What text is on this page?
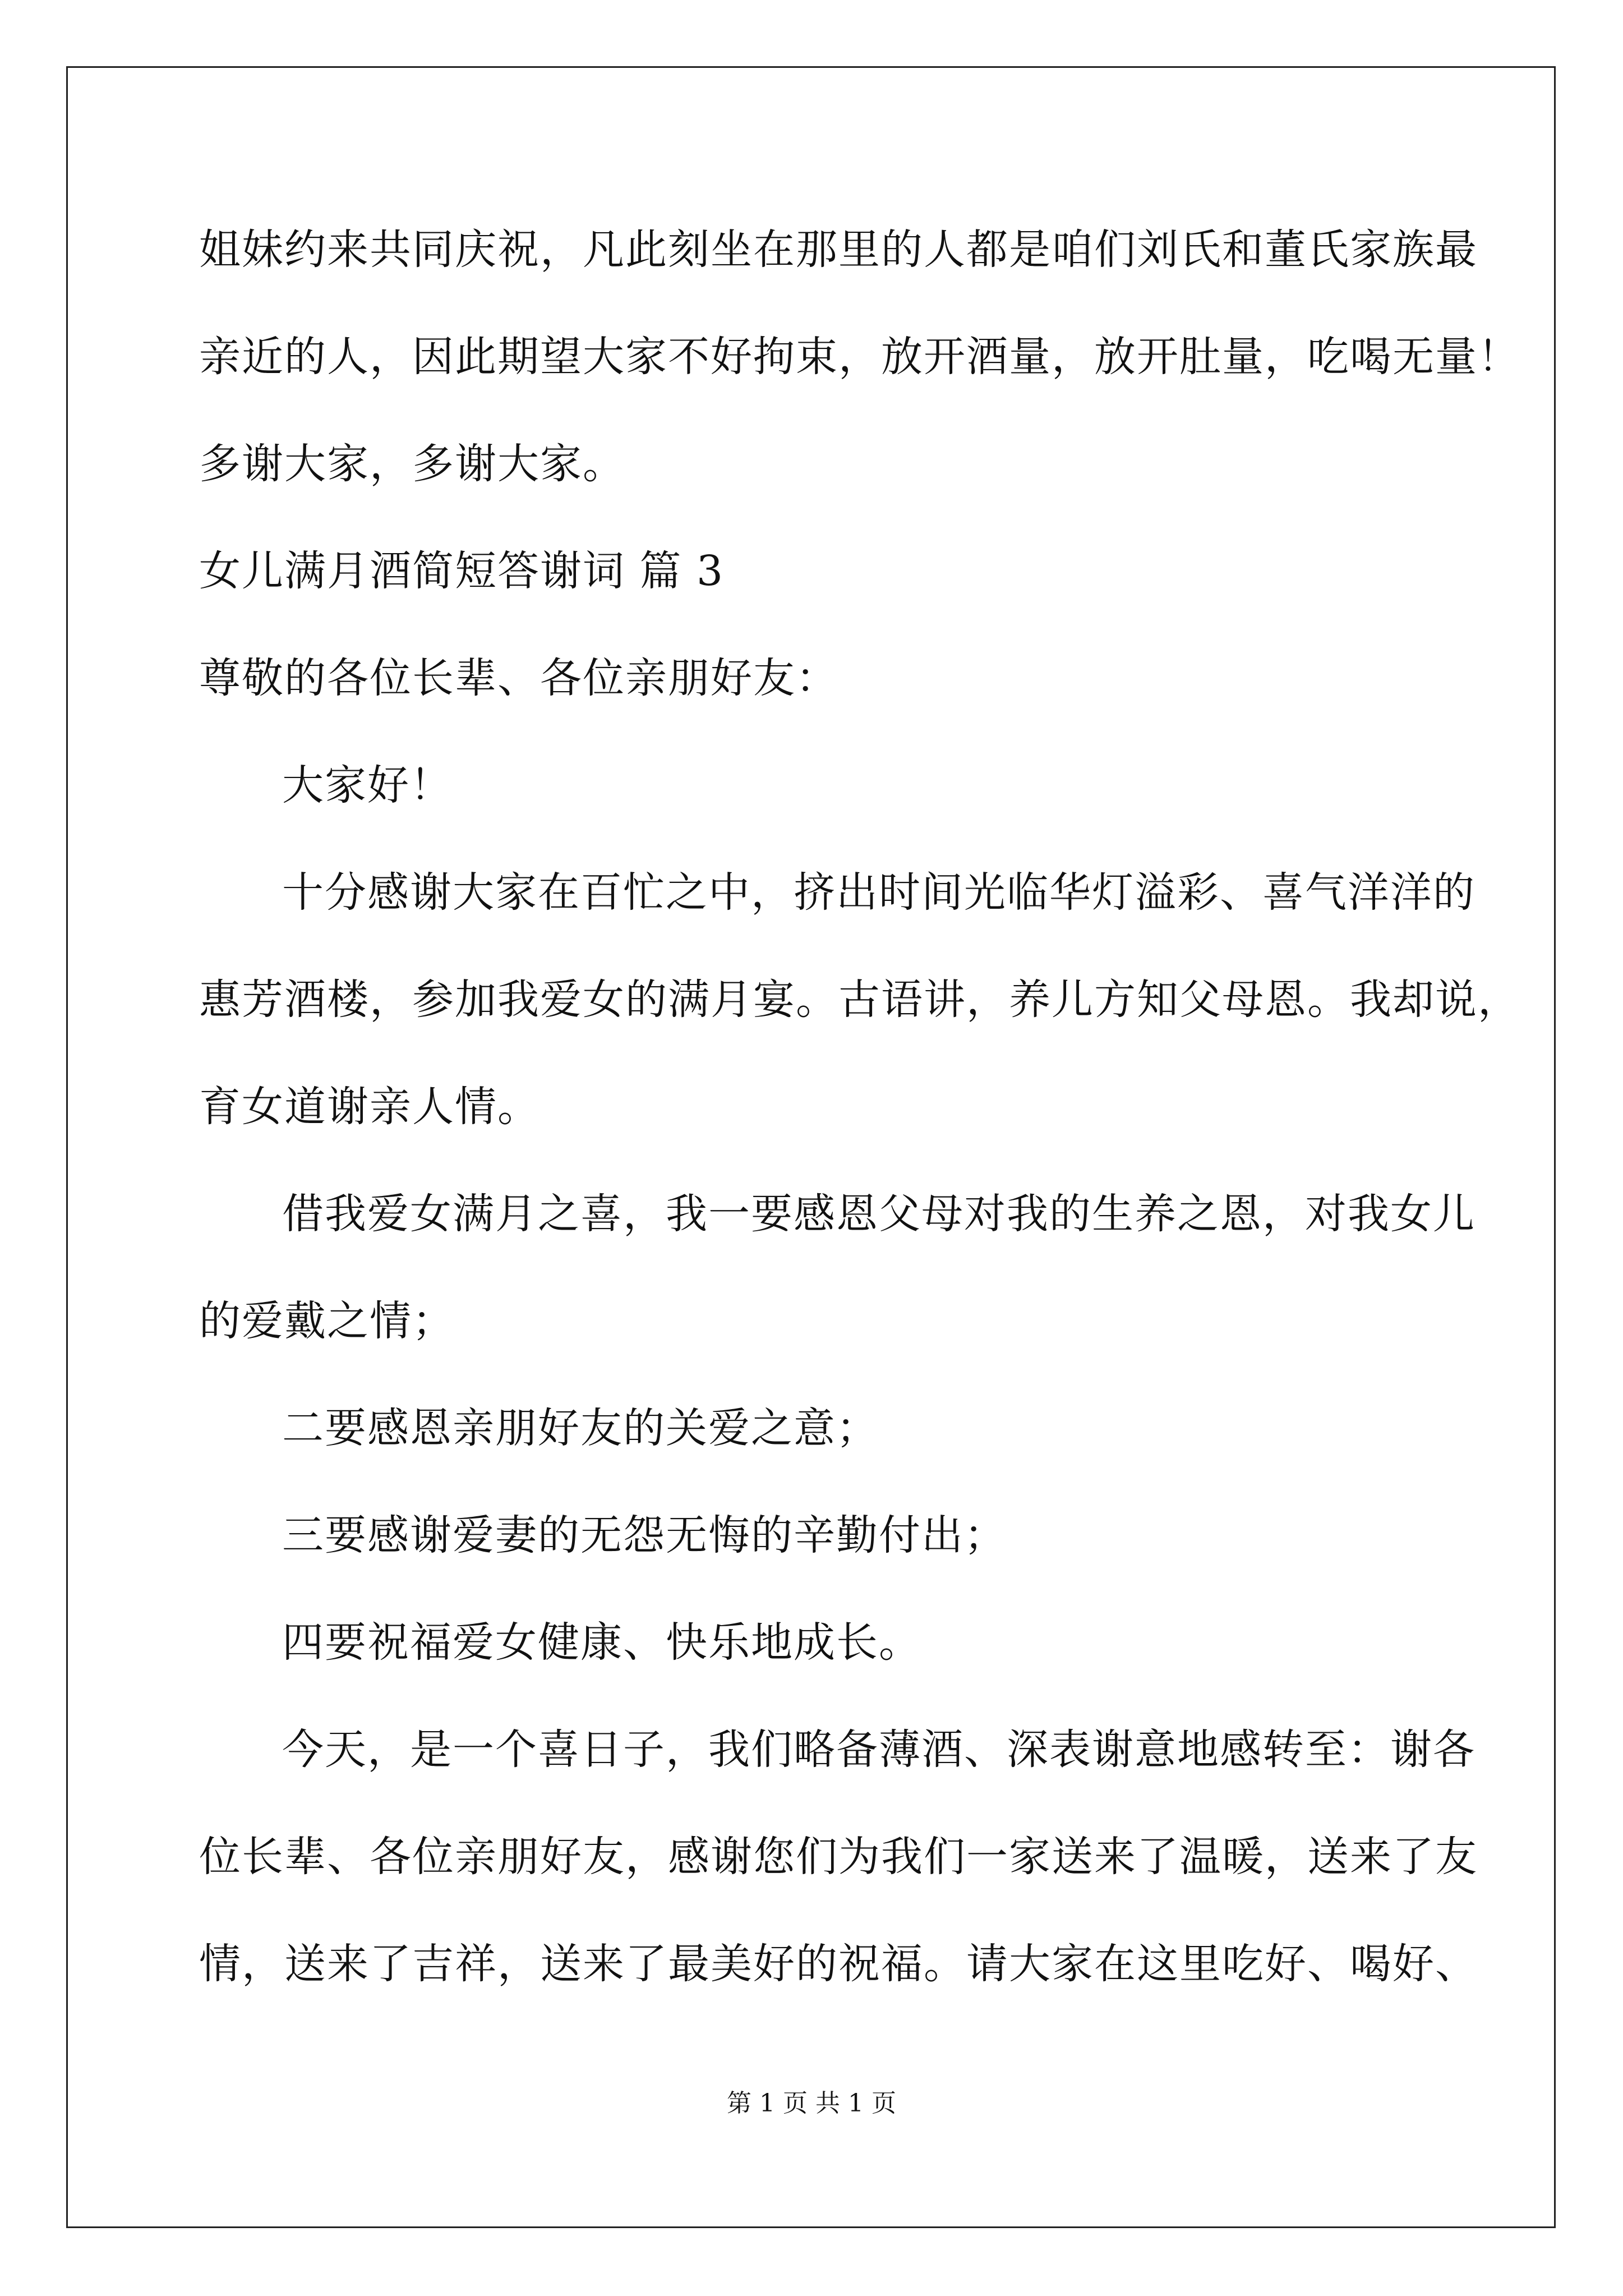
姐妹约来共同庆祝，凡此刻坐在那里的人都是咱们刘氏和董氏家族最
亲近的人，因此期望大家不好拘束，放开酒量，放开肚量，吃喝无量！
多谢大家，多谢大家。
女儿满月酒简短答谢词 篇 3
尊敬的各位长辈、各位亲朋好友：
大家好！
十分感谢大家在百忙之中，挤出时间光临华灯溢彩、喜气洋洋的
惠芳酒楼，参加我爱女的满月宴。古语讲，养儿方知父母恩。我却说，
育女道谢亲人情。
借我爱女满月之喜，我一要感恩父母对我的生养之恩，对我女儿
的爱戴之情；
二要感恩亲朋好友的关爱之意；
三要感谢爱妻的无怨无悔的辛勤付出；
四要祝福爱女健康、快乐地成长。
今天，是一个喜日子，我们略备薄酒、深表谢意地感转至：谢各
位长辈、各位亲朋好友，感谢您们为我们一家送来了温暖，送来了友
情，送来了吉祥，送来了最美好的祝福。请大家在这里吃好、喝好、
第 1 页 共 1 页
